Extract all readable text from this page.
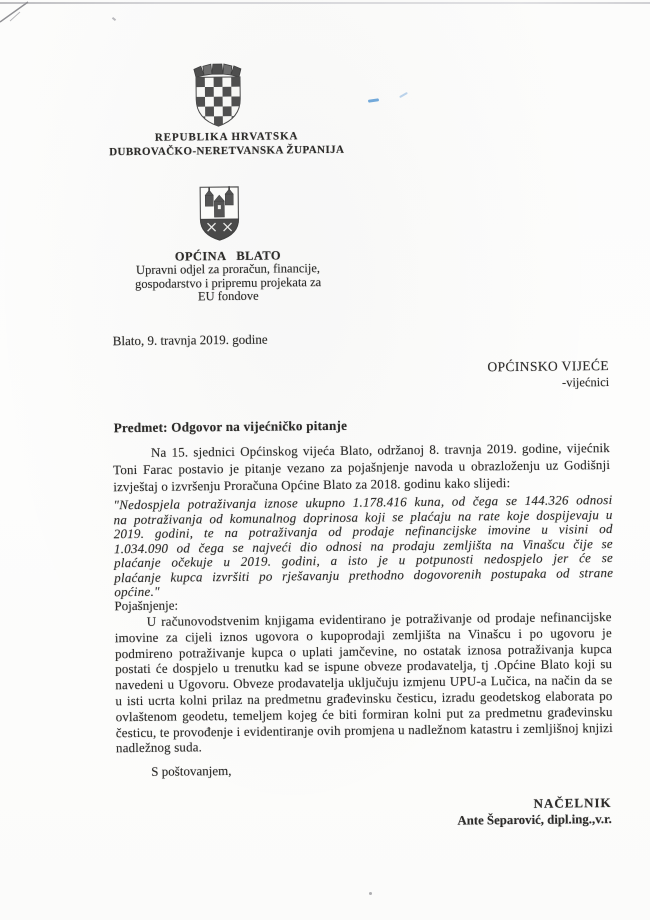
REPUBLIKA HRVATSKA
DUBROVAČKO-NERETVANSKA ŽUPANIJA
OPĆINA BLATO
Upravni odjel za proračun, financije,
gospodarstvo i pripremu projekata za
EU fondove
Blato, 9. travnja 2019. godine
OPĆINSKO VIJEĆE
-vijećnici
Predmet: Odgovor na vijećničko pitanje
Na 15. sjednici Općinskog vijeća Blato, održanoj 8. travnja 2019. godine, vijećnik Toni Farac postavio je pitanje vezano za pojašnjenje navoda u obrazloženju uz Godišnji izvještaj o izvršenju Proračuna Općine Blato za 2018. godinu kako slijedi:
"Nedospjela potraživanja iznose ukupno 1.178.416 kuna, od čega se 144.326 odnosi na potraživanja od komunalnog doprinosa koji se plaćaju na rate koje dospijevaju u 2019. godini, te na potraživanja od prodaje nefinancijske imovine u visini od 1.034.090 od čega se najveći dio odnosi na prodaju zemljišta na Vinašcu čije se plaćanje očekuje u 2019. godini, a isto je u potpunosti nedospjelo jer će se plaćanje kupca izvršiti po rješavanju prethodno dogovorenih postupaka od strane općine."
Pojašnjenje:
U računovodstvenim knjigama evidentirano je potraživanje od prodaje nefinancijske imovine za cijeli iznos ugovora o kupoprodaji zemljišta na Vinašcu i po ugovoru je podmireno potraživanje kupca o uplati jamčevine, no ostatak iznosa potraživanja kupca postati će dospjelo u trenutku kad se ispune obveze prodavatelja, tj .Općine Blato koji su navedeni u Ugovoru. Obveze prodavatelja uključuju izmjenu UPU-a Lučica, na način da se u isti ucrta kolni prilaz na predmetnu građevinsku česticu, izradu geodetskog elaborata po ovlaštenom geodetu, temeljem kojeg će biti formiran kolni put za predmetnu građevinsku česticu, te provođenje i evidentiranje ovih promjena u nadležnom katastru i zemljišnoj knjizi nadležnog suda.
S poštovanjem,
NAČELNIK
Ante Šeparović, dipl.ing.,v.r.
